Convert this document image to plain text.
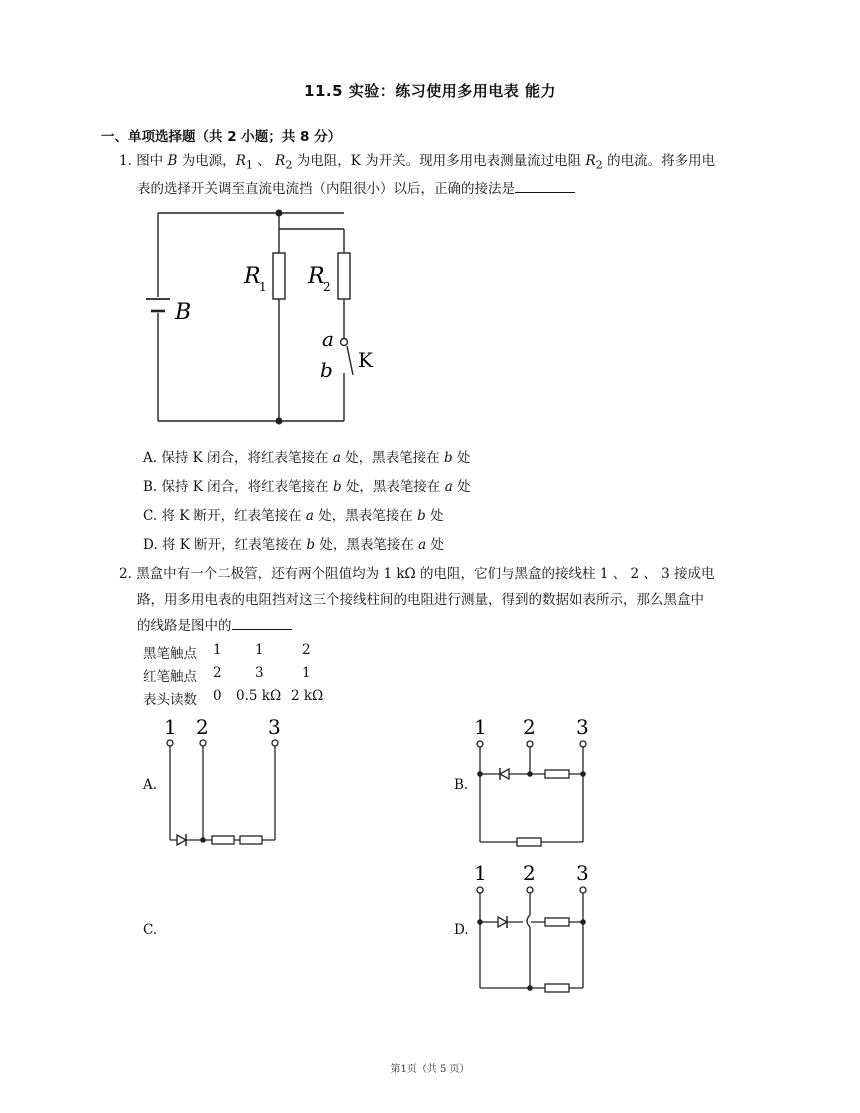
11.5 实验：练习使用多用电表 能力
一、单项选择题（共 2 小题；共 8 分）
1. 图中 B 为电源，$R_1$ 、 $R_2$ 为电阻，K 为开关。现用多用电表测量流过电阻 $R_2$ 的电流。将多用电
表的选择开关调至直流电流挡（内阻很小）以后，正确的接法是
B
R
1 R
2
a
b K
A. 保持 K 闭合，将红表笔接在 a 处，黑表笔接在 b 处
B. 保持 K 闭合，将红表笔接在 b 处，黑表笔接在 a 处
C. 将 K 断开，红表笔接在 a 处，黑表笔接在 b 处
D. 将 K 断开，红表笔接在 b 处，黑表笔接在 a 处
2. 黑盒中有一个二极管，还有两个阻值均为 1 kΩ 的电阻，它们与黑盒的接线柱 1 、 2 、 3 接成电
路，用多用电表的电阻挡对这三个接线柱间的电阻进行测量，得到的数据如表所示，那么黑盒中
的线路是图中的
黑笔触点 1 1	2
红笔触点 2 3	1
表头读数 0 0.5 kΩ 2 kΩ
A.	B.
C.	D.
1 2	3	1 2 3
1 2 3
第1页（共 5 页）
